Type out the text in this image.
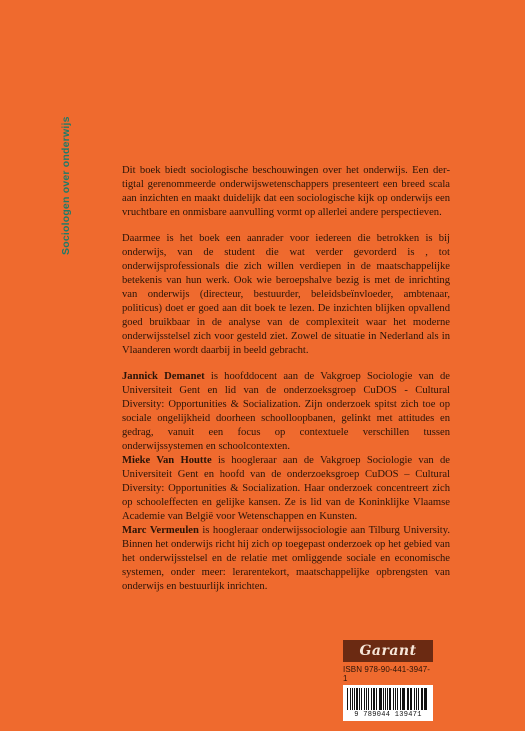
Sociologen over onderwijs	Dit boek biedt sociologische beschouwingen over het onderwijs. Een dertigtal gerenommeerde onderwijswetenschappers presenteert een breed scala aan inzichten en maakt duidelijk dat een sociologische kijk op onderwijs een vruchtbare en onmisbare aanvulling vormt op allerlei andere perspectieven.

Daarmee is het boek een aanrader voor iedereen die betrokken is bij onderwijs, van de student die wat verder gevorderd is , tot onderwijsprofessionals die zich willen verdiepen in de maatschappelijke betekenis van hun werk. Ook wie beroepshalve bezig is met de inrichting van onderwijs (directeur, bestuurder, beleidsbeïnvloeder, ambtenaar, politicus) doet er goed aan dit boek te lezen. De inzichten blijken opvallend goed bruikbaar in de analyse van de complexiteit waar het moderne onderwijsstelsel zich voor gesteld ziet. Zowel de situatie in Nederland als in Vlaanderen wordt daarbij in beeld gebracht.

Jannick Demanet is hoofddocent aan de Vakgroep Sociologie van de Universiteit Gent en lid van de onderzoeksgroep CuDOS - Cultural Diversity: Opportunities & Socialization. Zijn onderzoek spitst zich toe op sociale ongelijkheid doorheen schoolloopbanen, gelinkt met attitudes en gedrag, vanuit een focus op contextuele verschillen tussen onderwijssystemen en schoolcontexten.

Mieke Van Houtte is hoogleraar aan de Vakgroep Sociologie van de Universiteit Gent en hoofd van de onderzoeksgroep CuDOS – Cultural Diversity: Opportunities & Socialization. Haar onderzoek concentreert zich op schooleffecten en gelijke kansen. Ze is lid van de Koninklijke Vlaamse Academie van België voor Wetenschappen en Kunsten.

Marc Vermeulen is hoogleraar onderwijssociologie aan Tilburg University. Binnen het onderwijs richt hij zich op toegepast onderzoek op het gebied van het onderwijsstelsel en de relatie met omliggende sociale en economische systemen, onder meer: lerarentekort, maatschappelijke opbrengsten van onderwijs en bestuurlijk inrichten.

Garant
ISBN 978-90-441-3947-1
9 789044 139471
